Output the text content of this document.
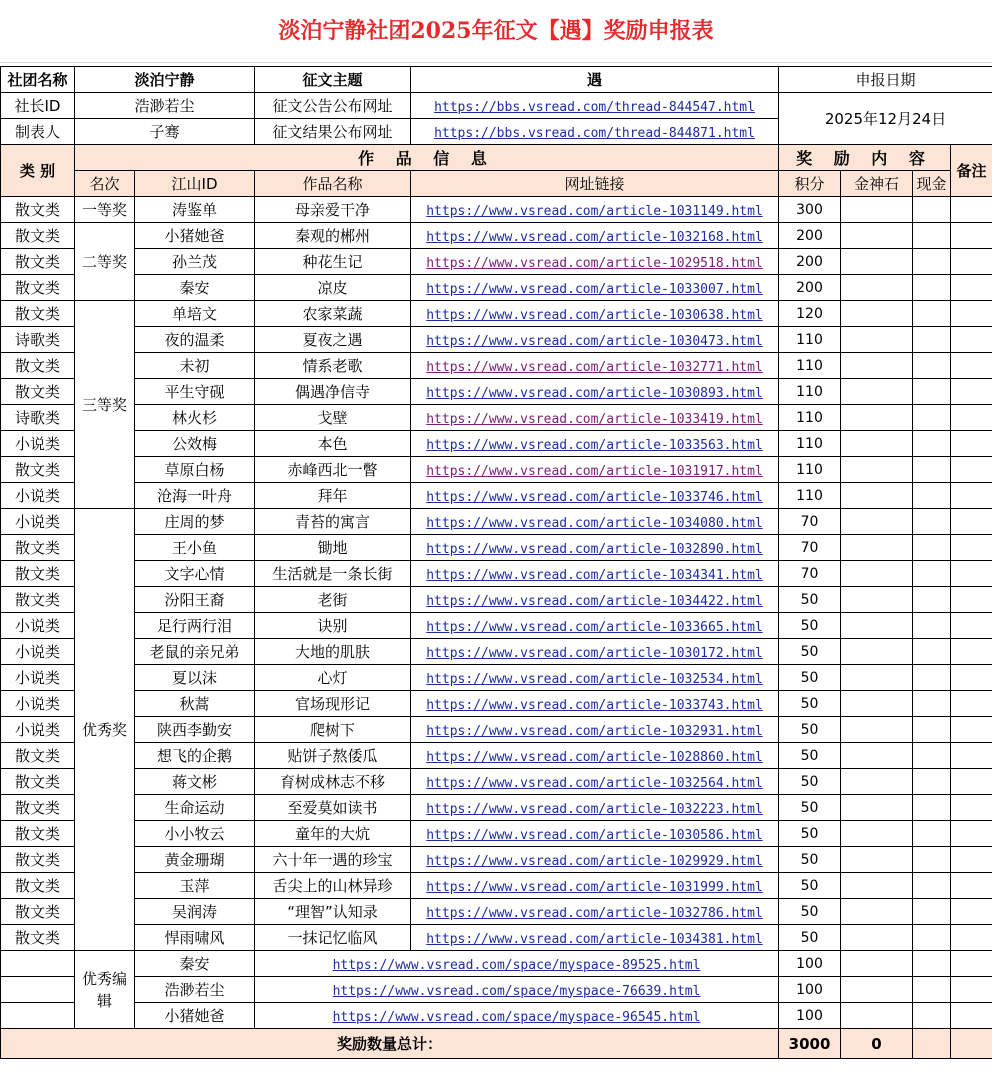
淡泊宁静社团2025年征文【遇】奖励申报表
社团名称	淡泊宁静		征文主题	遇	申报日期			
社长ID	浩渺若尘		征文公告公布网址	https://bbs.vsread.com/thread-844547.html	2025年12月24日			
制表人	子骞		征文结果公布网址	https://bbs.vsread.com/thread-844871.html				
类 别	作 品 信 息				奖 励 内 容			备注
	名次	江山ID	作品名称	网址链接	积分	金神石	现金	
散文类	一等奖	涛鉴单	母亲爱干净	https://www.vsread.com/article-1031149.html	300			
散文类	二等奖	小猪她爸	秦观的郴州	https://www.vsread.com/article-1032168.html	200			
散文类		孙兰茂	种花生记	https://www.vsread.com/article-1029518.html	200			
散文类		秦安	凉皮	https://www.vsread.com/article-1033007.html	200			
散文类	三等奖	单培文	农家菜蔬	https://www.vsread.com/article-1030638.html	120			
诗歌类		夜的温柔	夏夜之遇	https://www.vsread.com/article-1030473.html	110			
散文类		未初	情系老歌	https://www.vsread.com/article-1032771.html	110			
散文类		平生守砚	偶遇净信寺	https://www.vsread.com/article-1030893.html	110			
诗歌类		林火杉	戈壁	https://www.vsread.com/article-1033419.html	110			
小说类		公效梅	本色	https://www.vsread.com/article-1033563.html	110			
散文类		草原白杨	赤峰西北一瞥	https://www.vsread.com/article-1031917.html	110			
小说类		沧海一叶舟	拜年	https://www.vsread.com/article-1033746.html	110			
小说类	优秀奖	庄周的梦	青苔的寓言	https://www.vsread.com/article-1034080.html	70			
散文类		王小鱼	锄地	https://www.vsread.com/article-1032890.html	70			
散文类		文字心情	生活就是一条长街	https://www.vsread.com/article-1034341.html	70			
散文类		汾阳王裔	老街	https://www.vsread.com/article-1034422.html	50			
小说类		足行两行泪	诀别	https://www.vsread.com/article-1033665.html	50			
小说类		老鼠的亲兄弟	大地的肌肤	https://www.vsread.com/article-1030172.html	50			
小说类		夏以沫	心灯	https://www.vsread.com/article-1032534.html	50			
小说类		秋蒿	官场现形记	https://www.vsread.com/article-1033743.html	50			
小说类		陕西李勤安	爬树下	https://www.vsread.com/article-1032931.html	50			
散文类		想飞的企鹅	贴饼子熬倭瓜	https://www.vsread.com/article-1028860.html	50			
散文类		蒋文彬	育树成林志不移	https://www.vsread.com/article-1032564.html	50			
散文类		生命运动	至爱莫如读书	https://www.vsread.com/article-1032223.html	50			
散文类		小小牧云	童年的大炕	https://www.vsread.com/article-1030586.html	50			
散文类		黄金珊瑚	六十年一遇的珍宝	https://www.vsread.com/article-1029929.html	50			
散文类		玉萍	舌尖上的山林异珍	https://www.vsread.com/article-1031999.html	50			
散文类		吴润涛	“理智”认知录	https://www.vsread.com/article-1032786.html	50			
散文类		悍雨啸风	一抹记忆临风	https://www.vsread.com/article-1034381.html	50			
	优秀编辑	秦安	https://www.vsread.com/space/myspace-89525.html		100			
		浩渺若尘	https://www.vsread.com/space/myspace-76639.html		100			
		小猪她爸	https://www.vsread.com/space/myspace-96545.html		100			
奖励数量总计：					3000	0		
